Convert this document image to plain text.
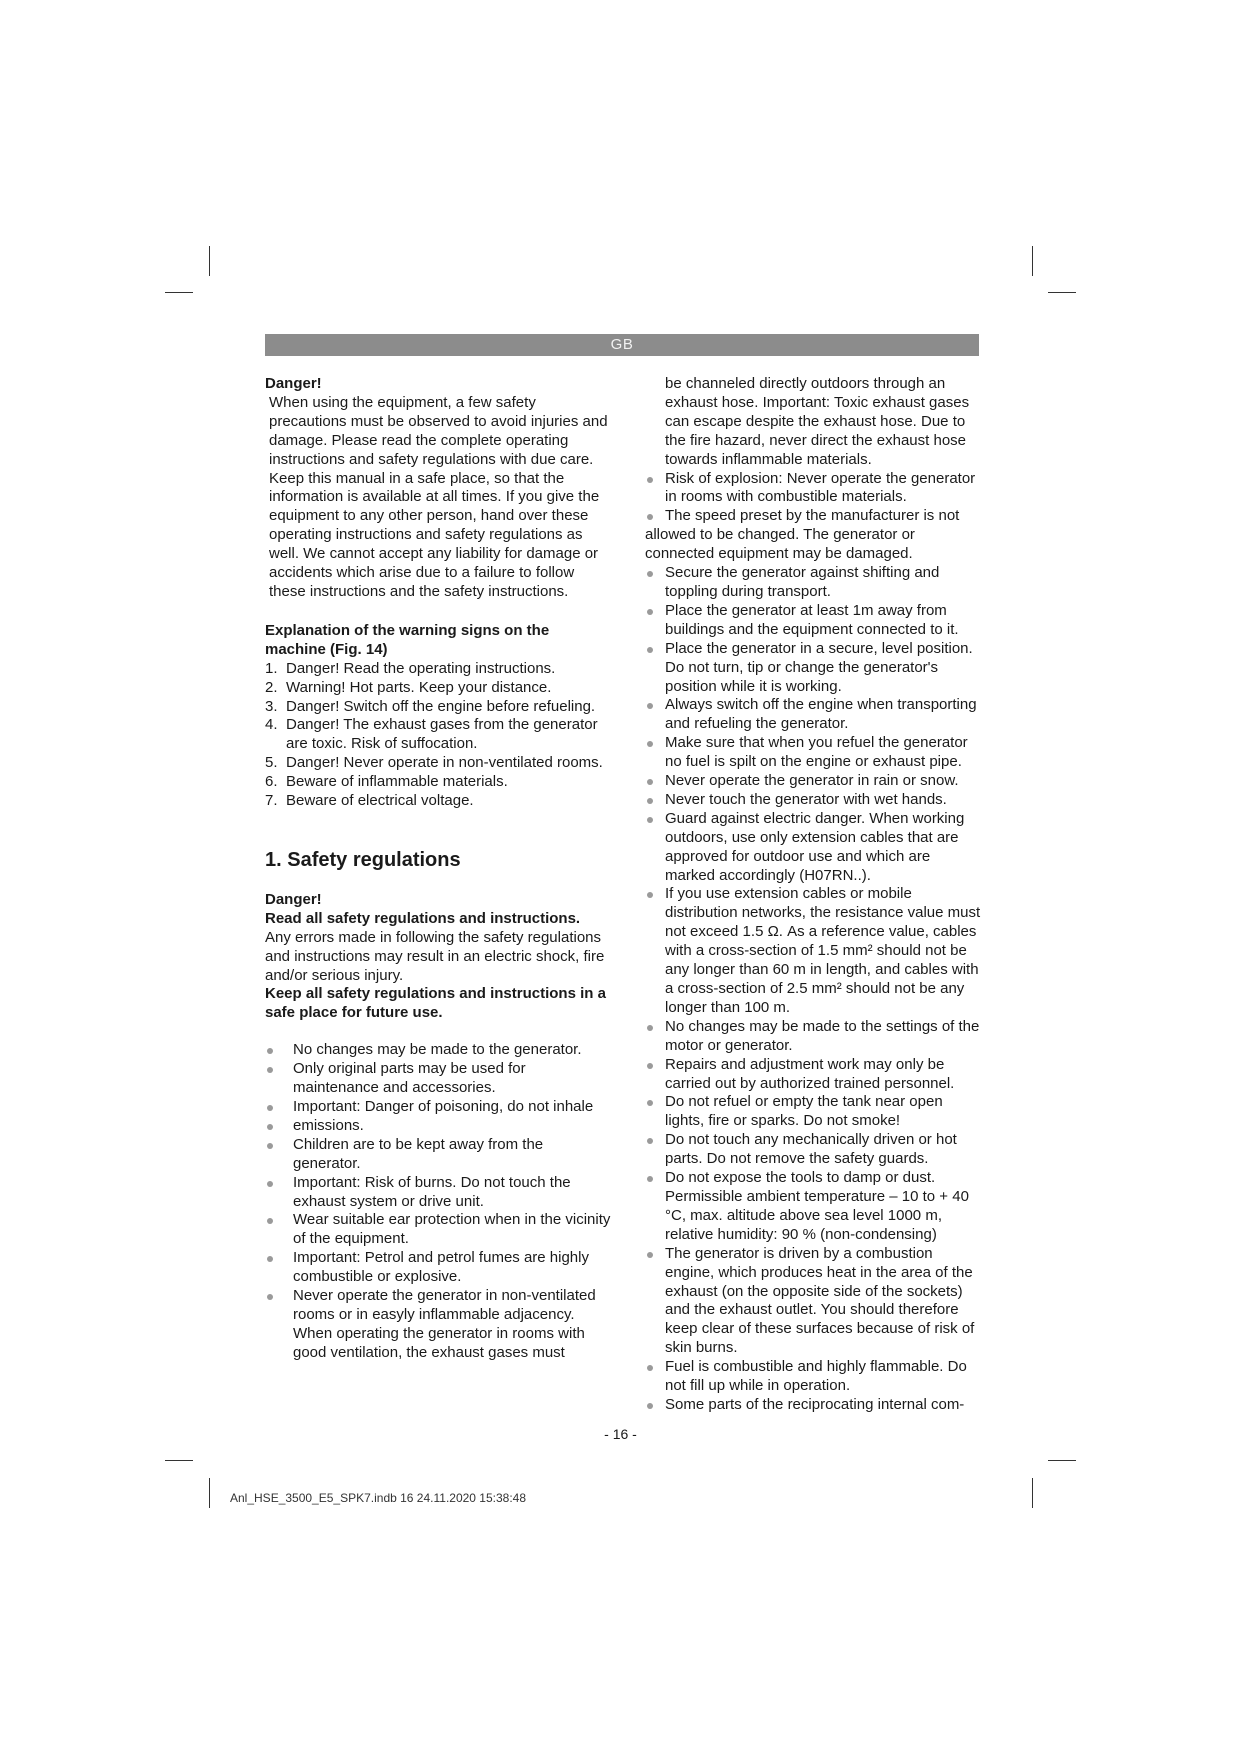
GB

Danger!

When using the equipment, a few safety precautions must be observed to avoid injuries and damage. Please read the complete operating instructions and safety regulations with due care. Keep this manual in a safe place, so that the information is available at all times. If you give the equipment to any other person, hand over these operating instructions and safety regulations as well. We cannot accept any liability for damage or accidents which arise due to a failure to follow these instructions and the safety instructions.

Explanation of the warning signs on the machine (Fig. 14)

1. Danger! Read the operating instructions.
2. Warning! Hot parts. Keep your distance.
3. Danger! Switch off the engine before refueling.
4. Danger! The exhaust gases from the generator are toxic. Risk of suffocation.
5. Danger! Never operate in non-ventilated rooms.
6. Beware of inflammable materials.
7. Beware of electrical voltage.
1. Safety regulations

Danger!

Read all safety regulations and instructions.

Any errors made in following the safety regulations and instructions may result in an electric shock, fire and/or serious injury.

Keep all safety regulations and instructions in a safe place for future use.

No changes may be made to the generator.
Only original parts may be used for maintenance and accessories.
Important: Danger of poisoning, do not inhale
emissions.
Children are to be kept away from the generator.
Important: Risk of burns. Do not touch the exhaust system or drive unit.
Wear suitable ear protection when in the vicinity of the equipment.
Important: Petrol and petrol fumes are highly combustible or explosive.
Never operate the generator in non-ventilated rooms or in easyly inflammable adjacency. When operating the generator in rooms with good ventilation, the exhaust gases must

be channeled directly outdoors through an exhaust hose. Important: Toxic exhaust gases can escape despite the exhaust hose. Due to the fire hazard, never direct the exhaust hose towards inflammable materials.

Risk of explosion: Never operate the generator in rooms with combustible materials.

The speed preset by the manufacturer is not allowed to be changed. The generator or connected equipment may be damaged.

Secure the generator against shifting and toppling during transport.
Place the generator at least 1m away from buildings and the equipment connected to it.
Place the generator in a secure, level position. Do not turn, tip or change the generator's position while it is working.
Always switch off the engine when transporting and refueling the generator.
Make sure that when you refuel the generator no fuel is spilt on the engine or exhaust pipe.
Never operate the generator in rain or snow.
Never touch the generator with wet hands.
Guard against electric danger. When working outdoors, use only extension cables that are approved for outdoor use and which are marked accordingly (H07RN..).
If you use extension cables or mobile distribution networks, the resistance value must not exceed 1.5 Ω. As a reference value, cables with a cross-section of 1.5 mm² should not be any longer than 60 m in length, and cables with a cross-section of 2.5 mm² should not be any longer than 100 m.
No changes may be made to the settings of the motor or generator.
Repairs and adjustment work may only be carried out by authorized trained personnel.
Do not refuel or empty the tank near open lights, fire or sparks. Do not smoke!
Do not touch any mechanically driven or hot parts. Do not remove the safety guards.
Do not expose the tools to damp or dust. Permissible ambient temperature – 10 to + 40 °C, max. altitude above sea level 1000 m, relative humidity: 90 % (non-condensing)
The generator is driven by a combustion engine, which produces heat in the area of the exhaust (on the opposite side of the sockets) and the exhaust outlet. You should therefore keep clear of these surfaces because of risk of skin burns.
Fuel is combustible and highly flammable. Do not fill up while in operation.
Some parts of the reciprocating internal com-
- 16 -
Anl_HSE_3500_E5_SPK7.indb 16 24.11.2020 15:38:48
